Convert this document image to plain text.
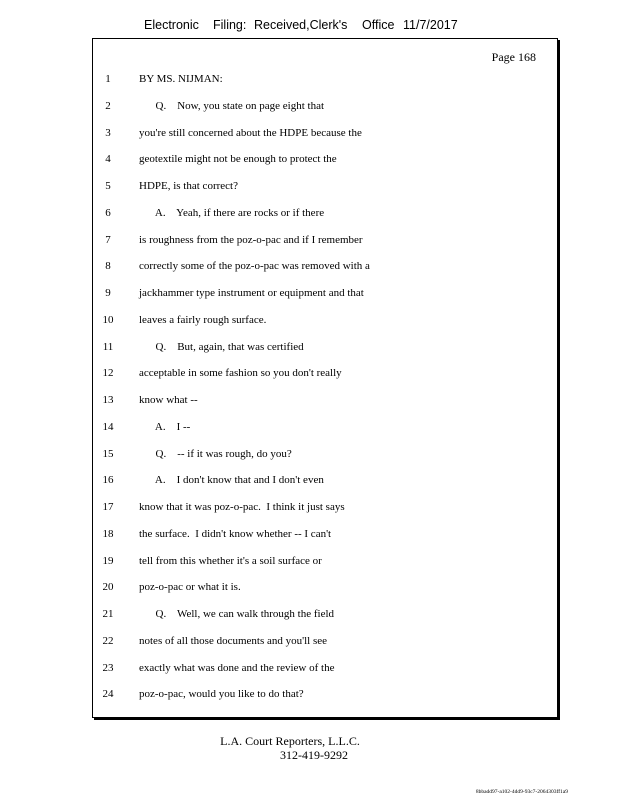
Electronic Filing: Received,Clerk's Office 11/7/2017
Page 168
1	BY MS. NIJMAN:
2	Q.    Now, you state on page eight that
3	you're still concerned about the HDPE because the
4	geotextile might not be enough to protect the
5	HDPE, is that correct?
6	A.    Yeah, if there are rocks or if there
7	is roughness from the poz-o-pac and if I remember
8	correctly some of the poz-o-pac was removed with a
9	jackhammer type instrument or equipment and that
10	leaves a fairly rough surface.
11	Q.    But, again, that was certified
12	acceptable in some fashion so you don't really
13	know what --
14	A.    I --
15	Q.    -- if it was rough, do you?
16	A.    I don't know that and I don't even
17	know that it was poz-o-pac.  I think it just says
18	the surface.  I didn't know whether -- I can't
19	tell from this whether it's a soil surface or
20	poz-o-pac or what it is.
21	Q.    Well, we can walk through the field
22	notes of all those documents and you'll see
23	exactly what was done and the review of the
24	poz-o-pac, would you like to do that?
L.A. Court Reporters, L.L.C.
312-419-9292
8bbadd97-a102-4dd9-93c7-2064303ff1a9
